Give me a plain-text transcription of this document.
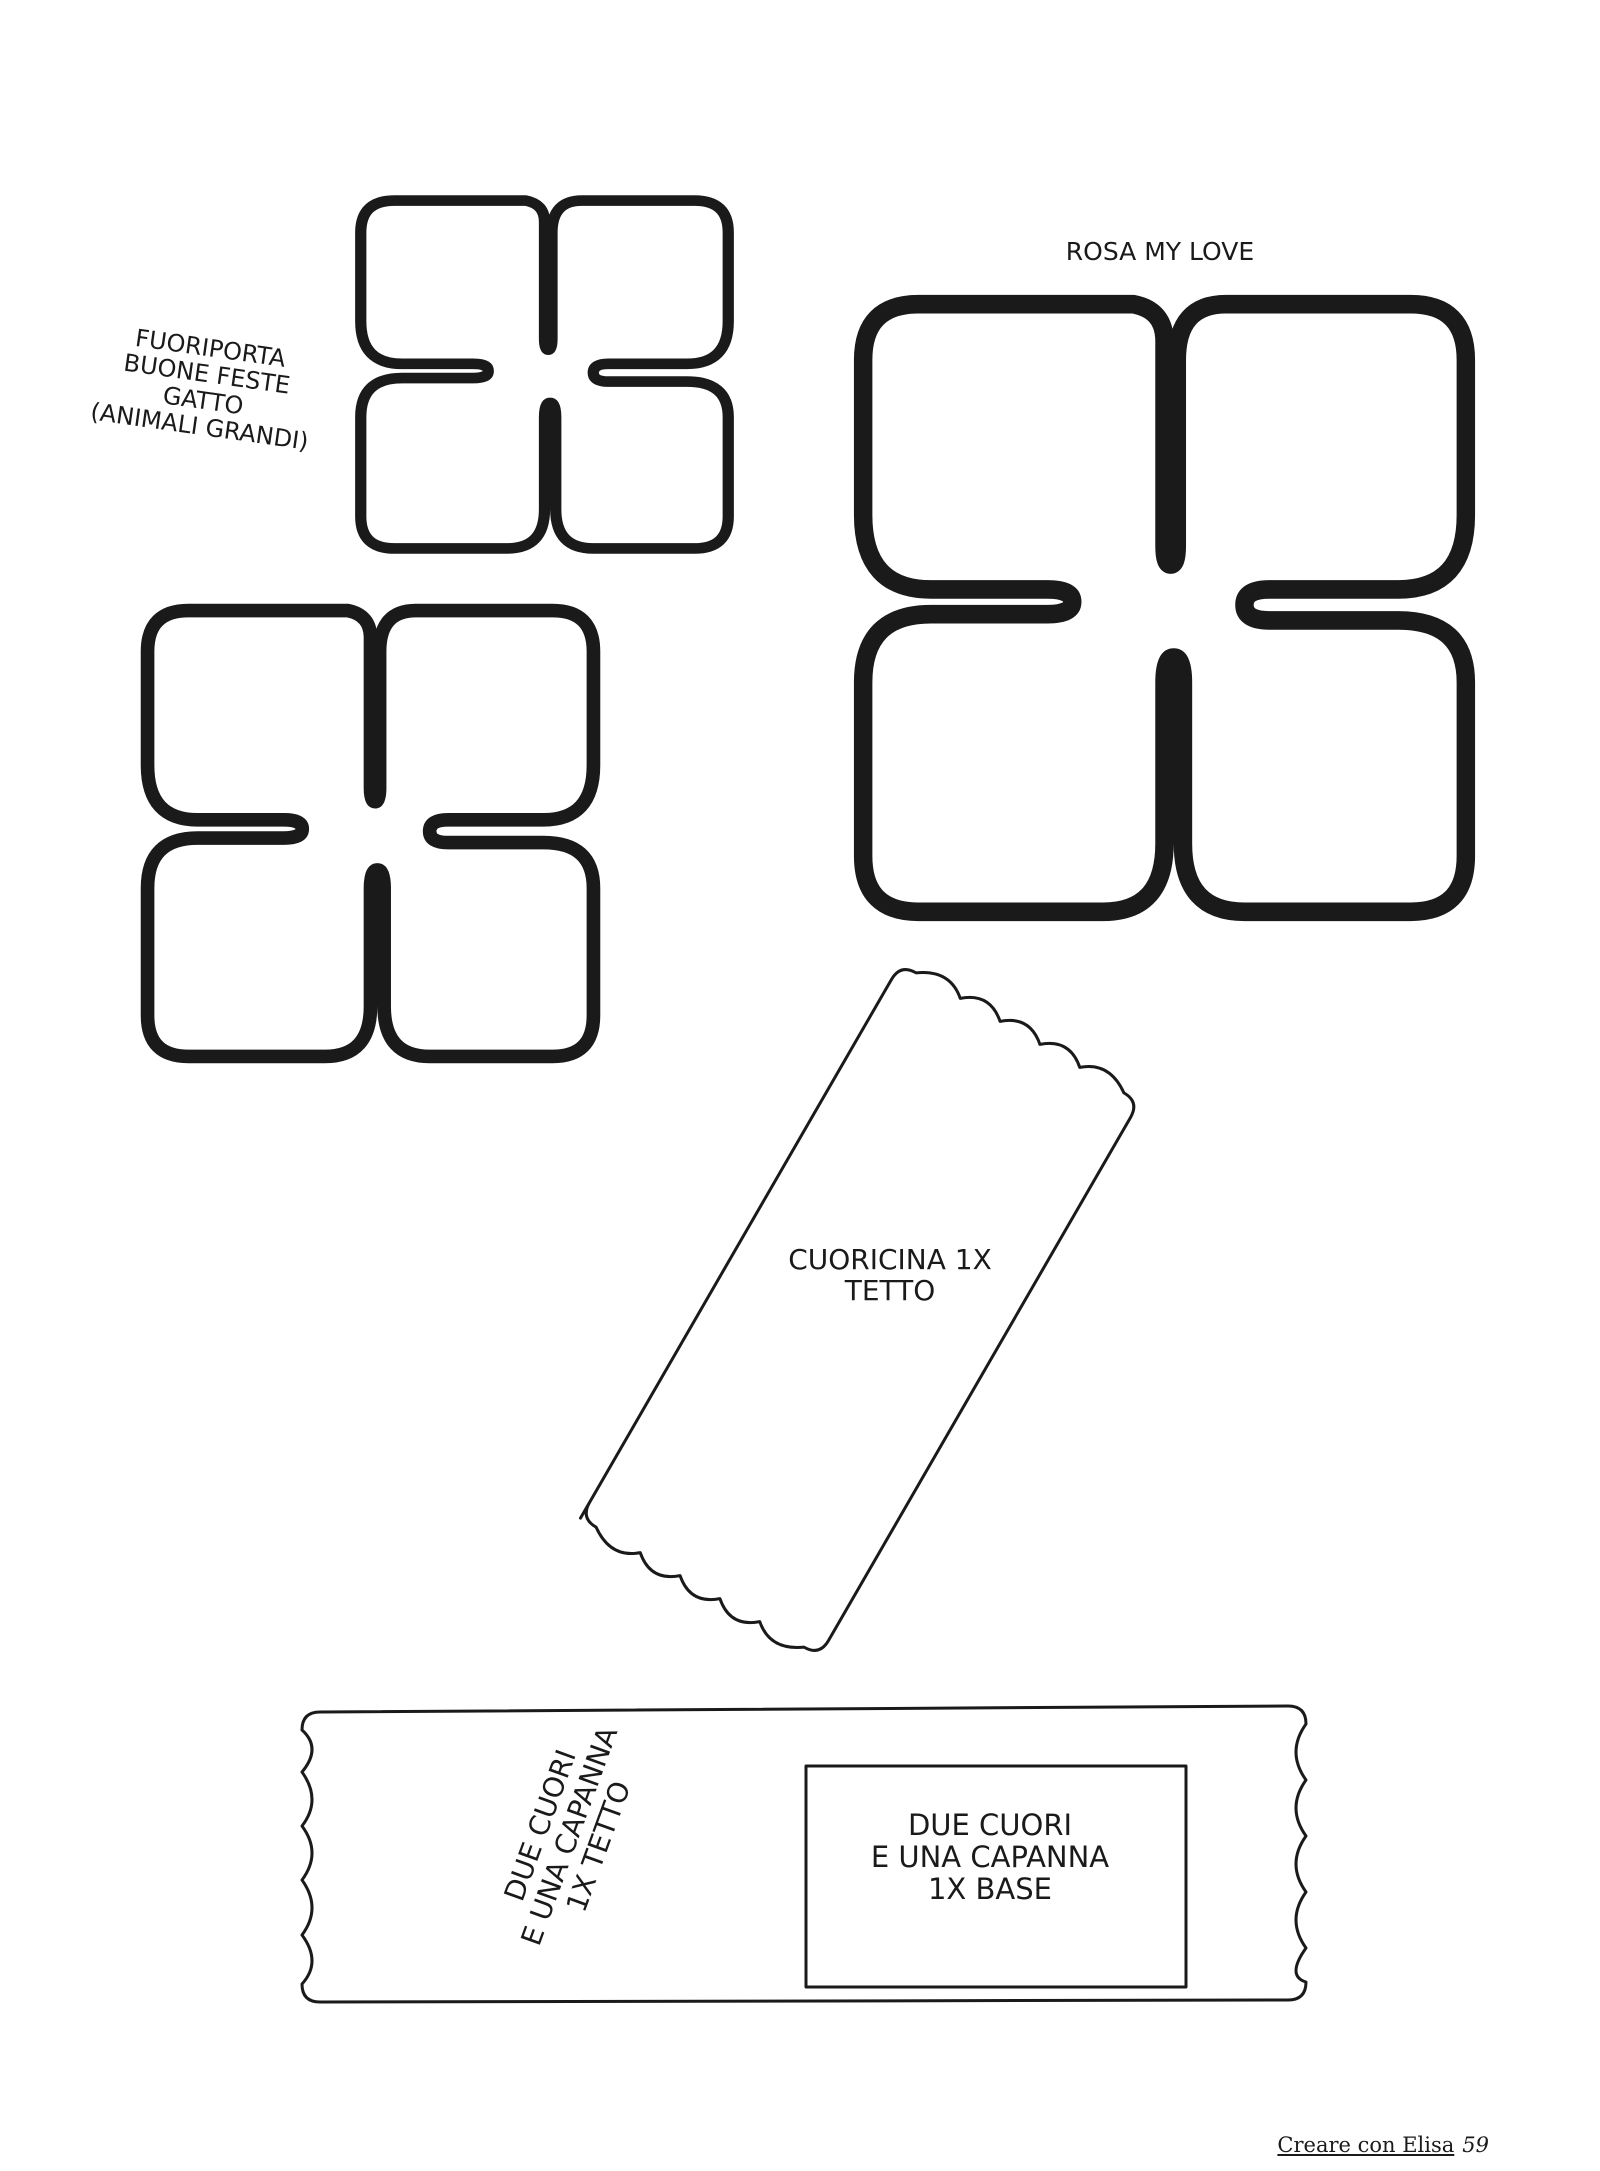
FUORIPORTA
BUONE FESTE
GATTO
(ANIMALI GRANDI)
ROSA MY LOVE
CUORICINA 1X
TETTO
DUE CUORI
E UNA CAPANNA
1X TETTO	DUE CUORI
E UNA CAPANNA
1X BASE
Creare con Elisa 59
